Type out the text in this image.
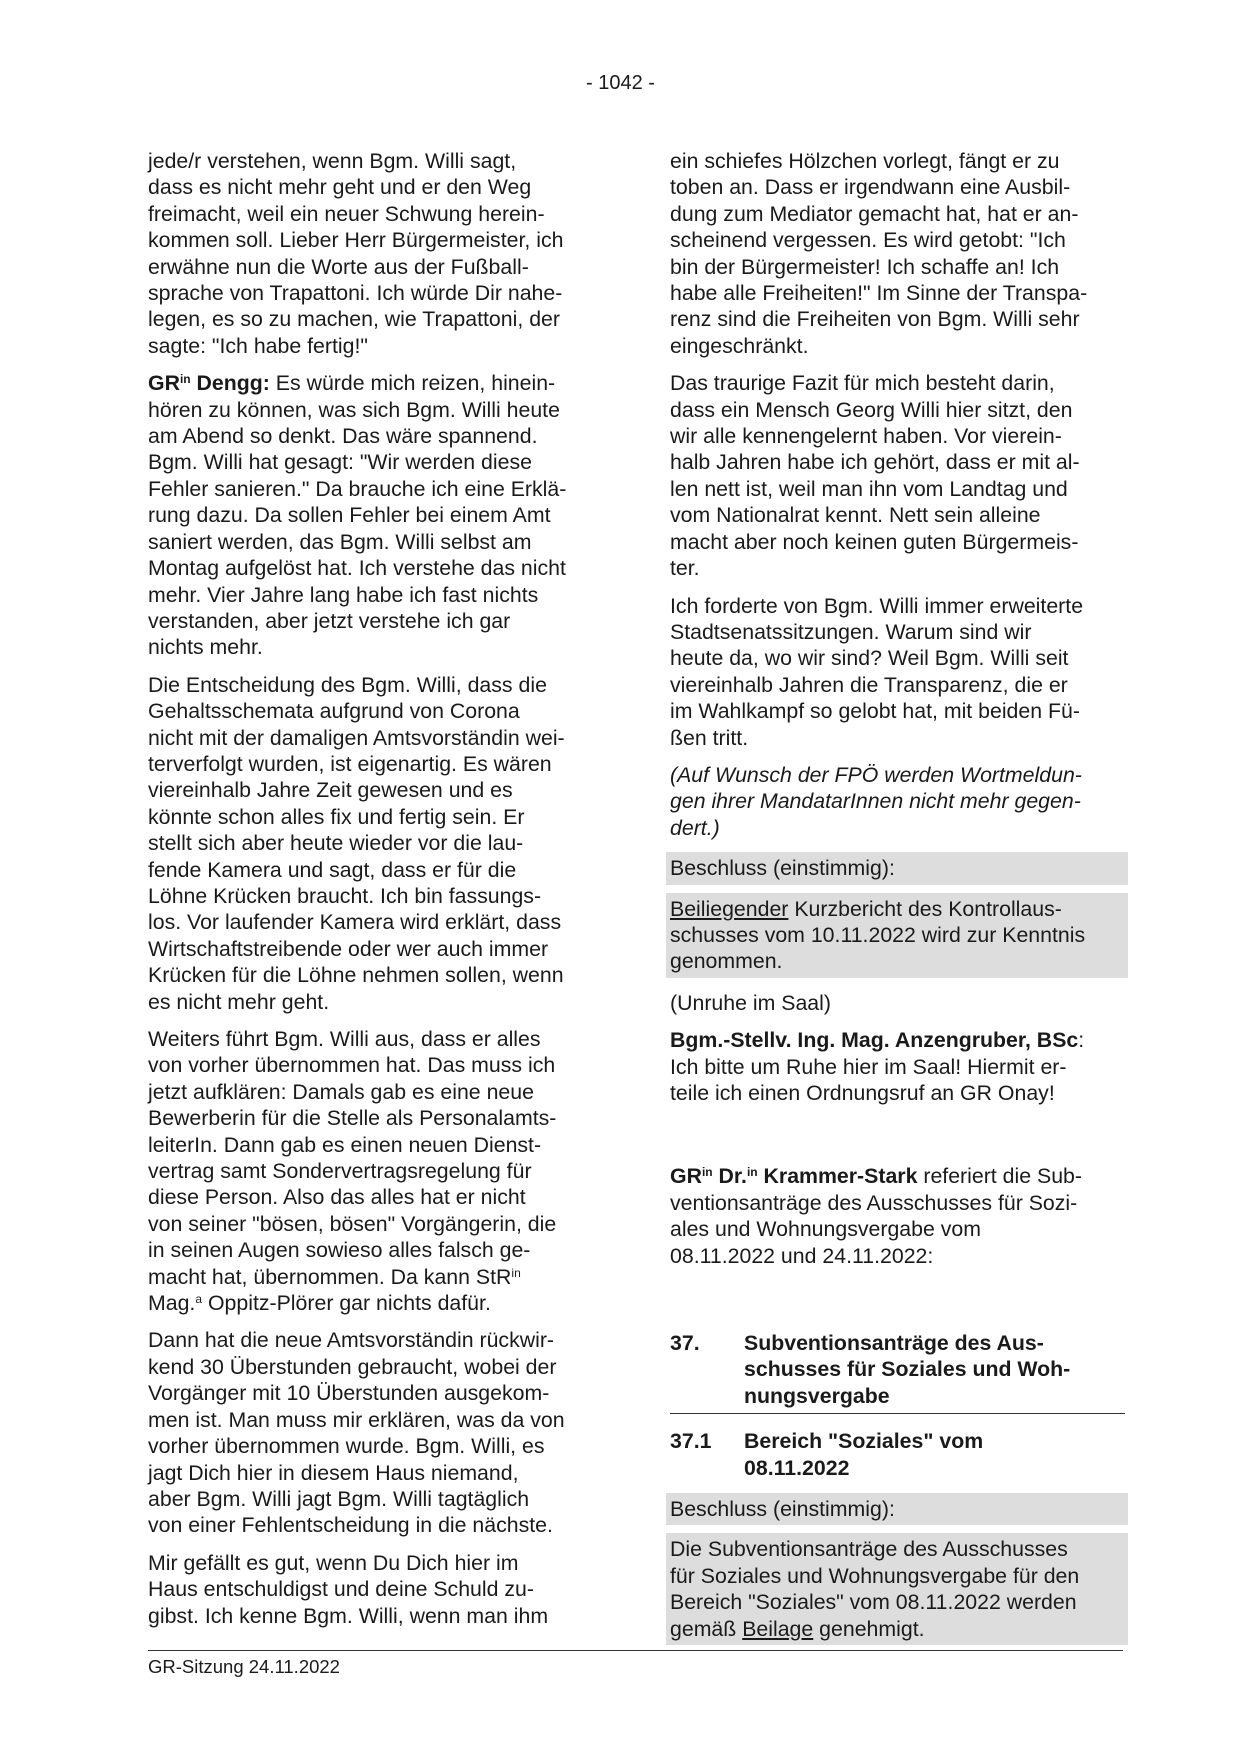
- 1042 -

jede/r verstehen, wenn Bgm. Willi sagt,
dass es nicht mehr geht und er den Weg
freimacht, weil ein neuer Schwung herein-
kommen soll. Lieber Herr Bürgermeister, ich
erwähne nun die Worte aus der Fußball-
sprache von Trapattoni. Ich würde Dir nahe-
legen, es so zu machen, wie Trapattoni, der
sagte: "Ich habe fertig!"

$GR^{in}$ Dengg: Es würde mich reizen, hinein-
hören zu können, was sich Bgm. Willi heute
am Abend so denkt. Das wäre spannend.
Bgm. Willi hat gesagt: "Wir werden diese
Fehler sanieren." Da brauche ich eine Erklä-
rung dazu. Da sollen Fehler bei einem Amt
saniert werden, das Bgm. Willi selbst am
Montag aufgelöst hat. Ich verstehe das nicht
mehr. Vier Jahre lang habe ich fast nichts
verstanden, aber jetzt verstehe ich gar
nichts mehr.

Die Entscheidung des Bgm. Willi, dass die
Gehaltsschemata aufgrund von Corona
nicht mit der damaligen Amtsvorständin wei-
terverfolgt wurden, ist eigenartig. Es wären
viereinhalb Jahre Zeit gewesen und es
könnte schon alles fix und fertig sein. Er
stellt sich aber heute wieder vor die lau-
fende Kamera und sagt, dass er für die
Löhne Krücken braucht. Ich bin fassungs-
los. Vor laufender Kamera wird erklärt, dass
Wirtschaftstreibende oder wer auch immer
Krücken für die Löhne nehmen sollen, wenn
es nicht mehr geht.

Weiters führt Bgm. Willi aus, dass er alles
von vorher übernommen hat. Das muss ich
jetzt aufklären: Damals gab es eine neue
Bewerberin für die Stelle als Personalamts-
leiterIn. Dann gab es einen neuen Dienst-
vertrag samt Sondervertragsregelung für
diese Person. Also das alles hat er nicht
von seiner "bösen, bösen" Vorgängerin, die
in seinen Augen sowieso alles falsch ge-
macht hat, übernommen. Da kann StR$^{in}$
Mag.$^a$ Oppitz-Plörer gar nichts dafür.

Dann hat die neue Amtsvorständin rückwir-
kend 30 Überstunden gebraucht, wobei der
Vorgänger mit 10 Überstunden ausgekom-
men ist. Man muss mir erklären, was da von
vorher übernommen wurde. Bgm. Willi, es
jagt Dich hier in diesem Haus niemand,
aber Bgm. Willi jagt Bgm. Willi tagtäglich
von einer Fehlentscheidung in die nächste.

Mir gefällt es gut, wenn Du Dich hier im
Haus entschuldigst und deine Schuld zu-
gibst. Ich kenne Bgm. Willi, wenn man ihm

ein schiefes Hölzchen vorlegt, fängt er zu
toben an. Dass er irgendwann eine Ausbil-
dung zum Mediator gemacht hat, hat er an-
scheinend vergessen. Es wird getobt: "Ich
bin der Bürgermeister! Ich schaffe an! Ich
habe alle Freiheiten!" Im Sinne der Transpa-
renz sind die Freiheiten von Bgm. Willi sehr
eingeschränkt.

Das traurige Fazit für mich besteht darin,
dass ein Mensch Georg Willi hier sitzt, den
wir alle kennengelernt haben. Vor vierein-
halb Jahren habe ich gehört, dass er mit al-
len nett ist, weil man ihn vom Landtag und
vom Nationalrat kennt. Nett sein alleine
macht aber noch keinen guten Bürgermeis-
ter.

Ich forderte von Bgm. Willi immer erweiterte
Stadtsenatssitzungen. Warum sind wir
heute da, wo wir sind? Weil Bgm. Willi seit
viereinhalb Jahren die Transparenz, die er
im Wahlkampf so gelobt hat, mit beiden Fü-
ßen tritt.

(Auf Wunsch der FPÖ werden Wortmeldun-
gen ihrer MandatarInnen nicht mehr gegen-
dert.)

Beschluss (einstimmig):
Beiliegender Kurzbericht des Kontrollaus-
schusses vom 10.11.2022 wird zur Kenntnis
genommen.

(Unruhe im Saal)

Bgm.-Stellv. Ing. Mag. Anzengruber, BSc:
Ich bitte um Ruhe hier im Saal! Hiermit er-
teile ich einen Ordnungsruf an GR Onay!

$GR^{in}$ Dr.$^{in}$ Krammer-Stark referiert die Sub-
ventionsanträge des Ausschusses für Sozi-
ales und Wohnungsvergabe vom
08.11.2022 und 24.11.2022:

37.	Subventionsanträge des Aus-
schusses für Soziales und Woh-
nungsvergabe
37.1	Bereich "Soziales" vom
08.11.2022
Beschluss (einstimmig):
Die Subventionsanträge des Ausschusses
für Soziales und Wohnungsvergabe für den
Bereich "Soziales" vom 08.11.2022 werden
gemäß Beilage genehmigt.
GR-Sitzung 24.11.2022
